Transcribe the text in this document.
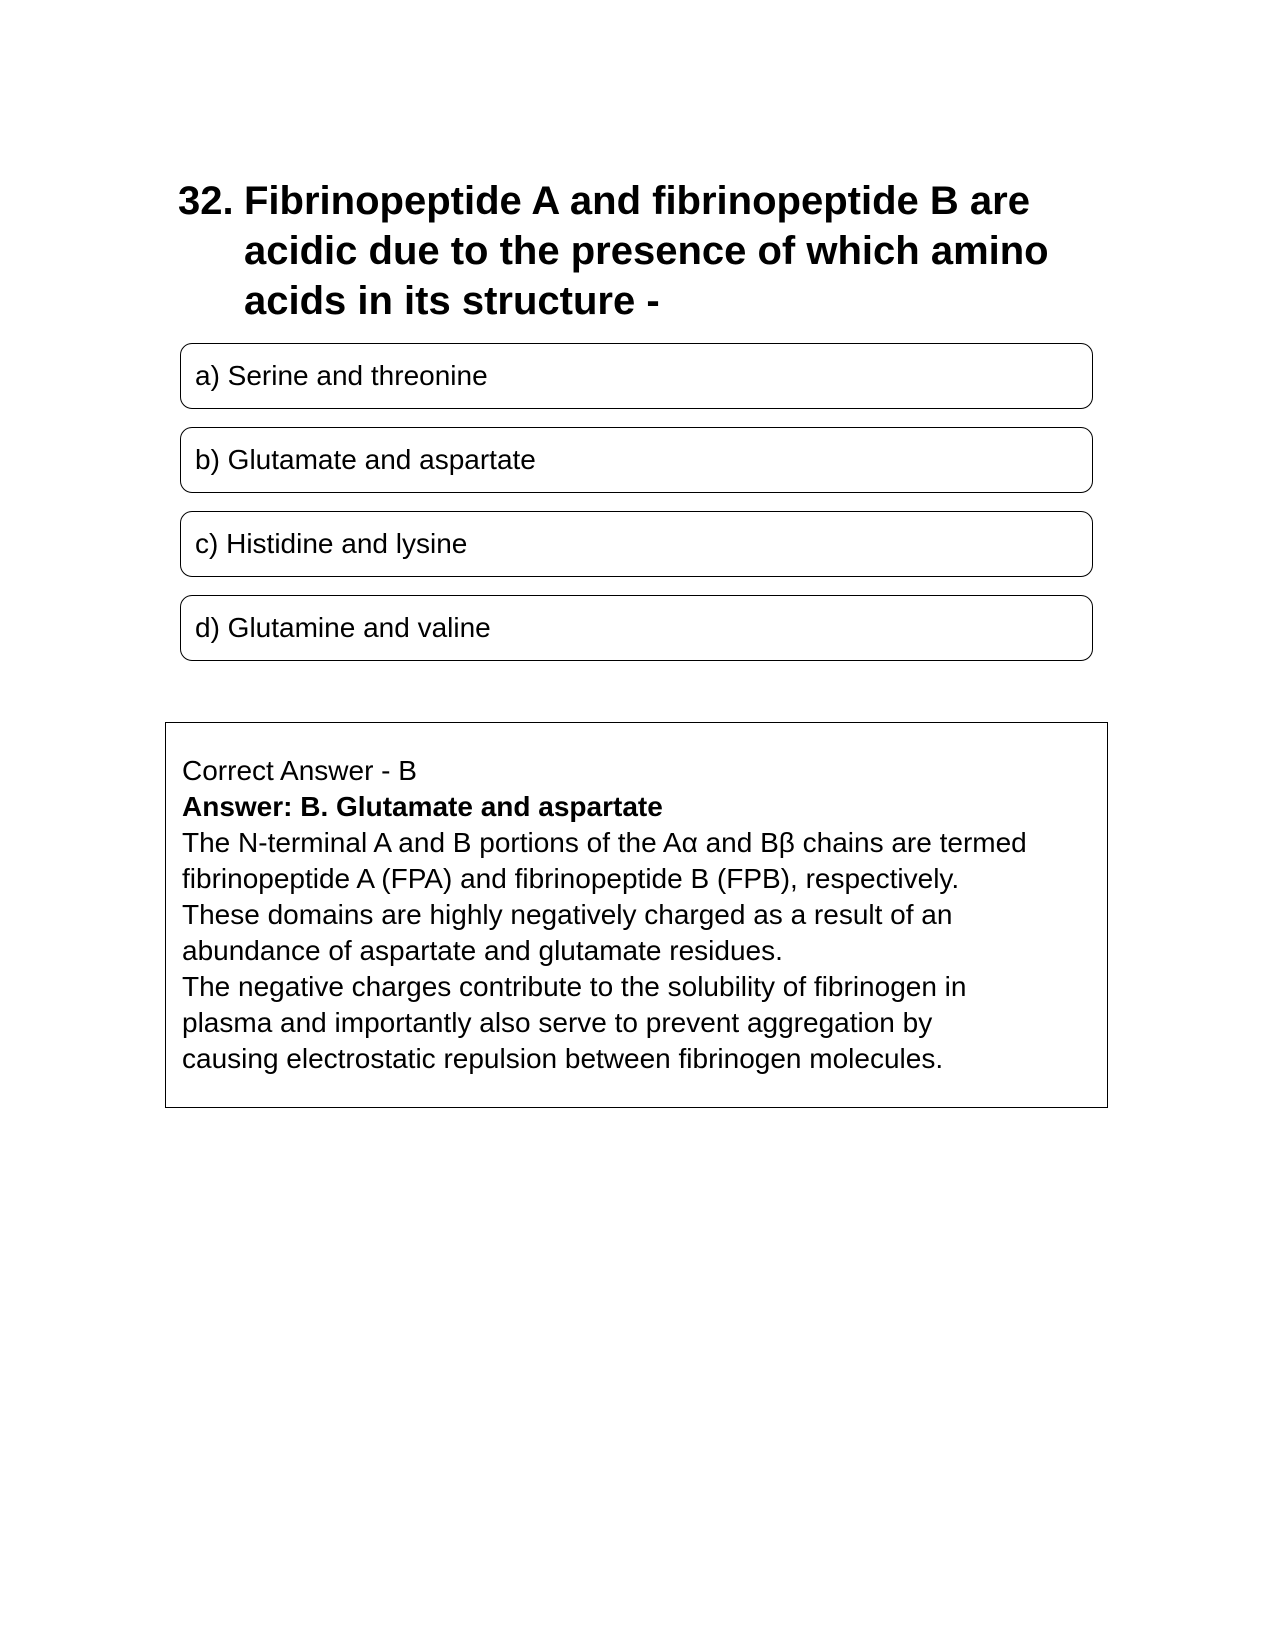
32. Fibrinopeptide A and fibrinopeptide B are acidic due to the presence of which amino acids in its structure -
a) Serine and threonine
b) Glutamate and aspartate
c) Histidine and lysine
d) Glutamine and valine
Correct Answer - B
Answer: B. Glutamate and aspartate
The N-terminal A and B portions of the Aα and Bβ chains are termed
fibrinopeptide A (FPA) and fibrinopeptide B (FPB), respectively.
These domains are highly negatively charged as a result of an
abundance of aspartate and glutamate residues.
The negative charges contribute to the solubility of fibrinogen in
plasma and importantly also serve to prevent aggregation by
causing electrostatic repulsion between fibrinogen molecules.
